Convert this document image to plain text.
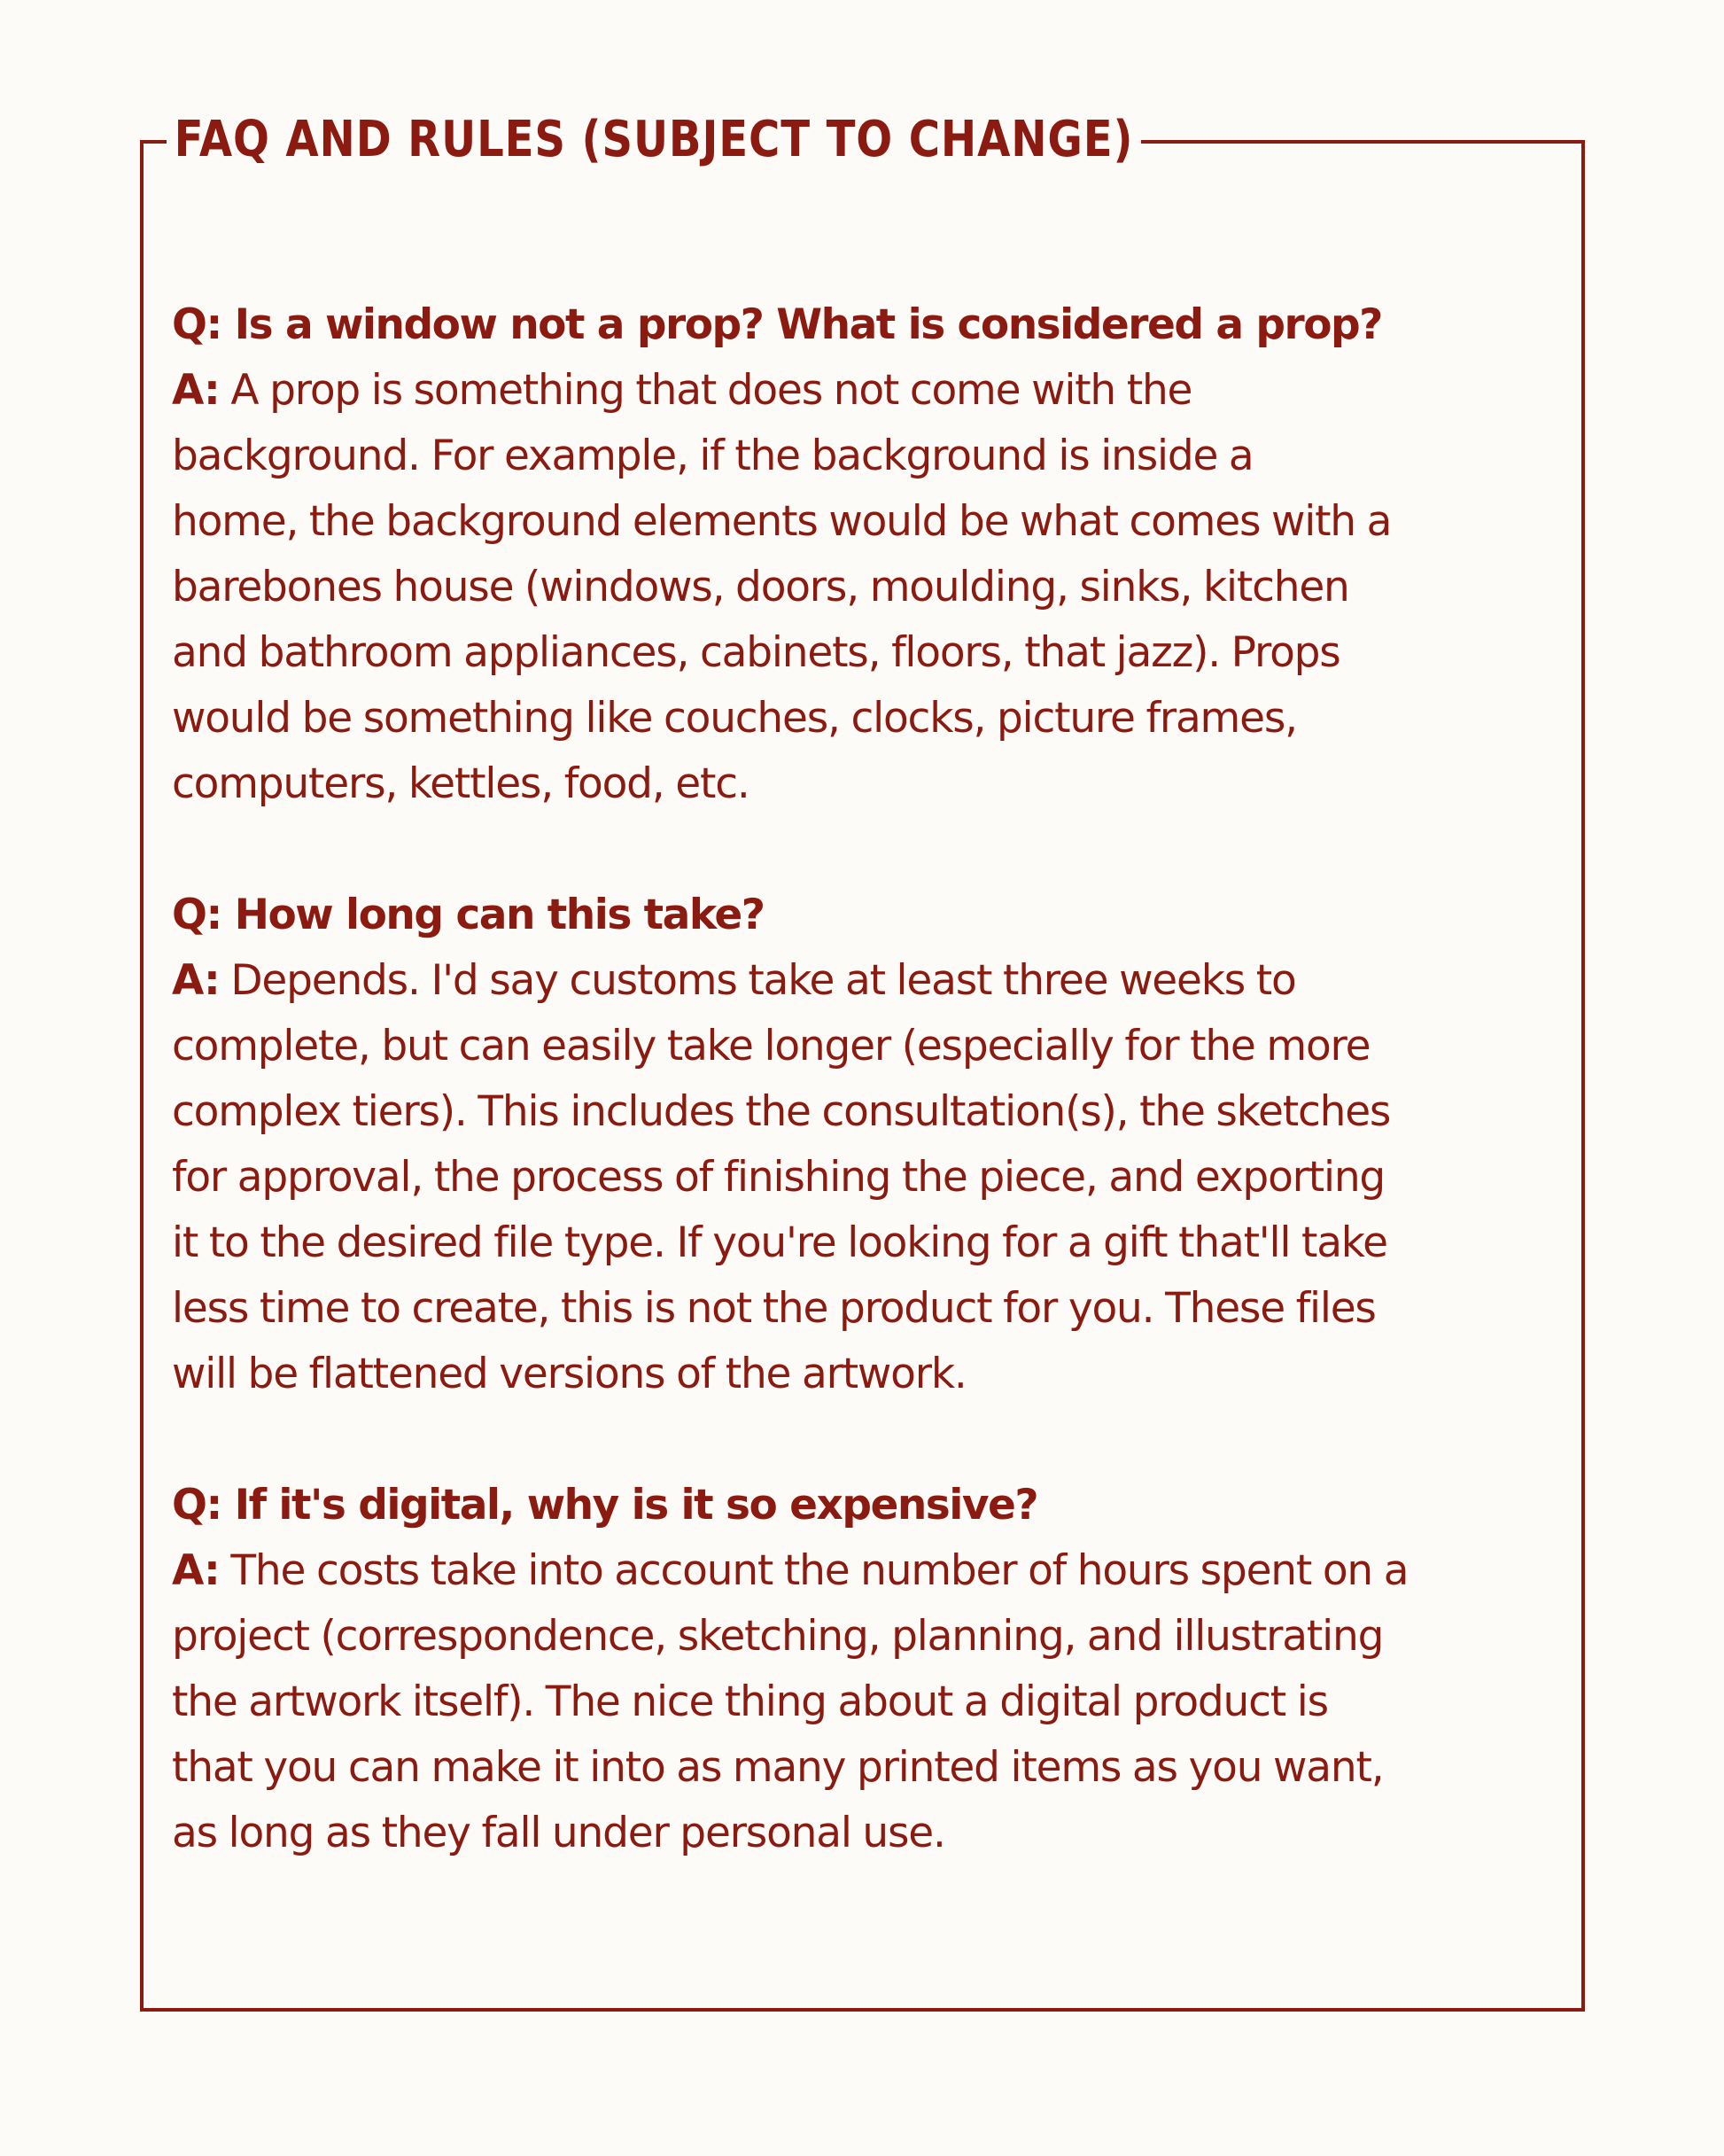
FAQ AND RULES (SUBJECT TO CHANGE)
Q: Is a window not a prop? What is considered a prop?
A: A prop is something that does not come with the
background. For example, if the background is inside a
home, the background elements would be what comes with a
barebones house (windows, doors, moulding, sinks, kitchen
and bathroom appliances, cabinets, floors, that jazz). Props
would be something like couches, clocks, picture frames,
computers, kettles, food, etc.
Q: How long can this take?
A: Depends. I'd say customs take at least three weeks to
complete, but can easily take longer (especially for the more
complex tiers). This includes the consultation(s), the sketches
for approval, the process of finishing the piece, and exporting
it to the desired file type. If you're looking for a gift that'll take
less time to create, this is not the product for you. These files
will be flattened versions of the artwork.
Q: If it's digital, why is it so expensive?
A: The costs take into account the number of hours spent on a
project (correspondence, sketching, planning, and illustrating
the artwork itself). The nice thing about a digital product is
that you can make it into as many printed items as you want,
as long as they fall under personal use.
